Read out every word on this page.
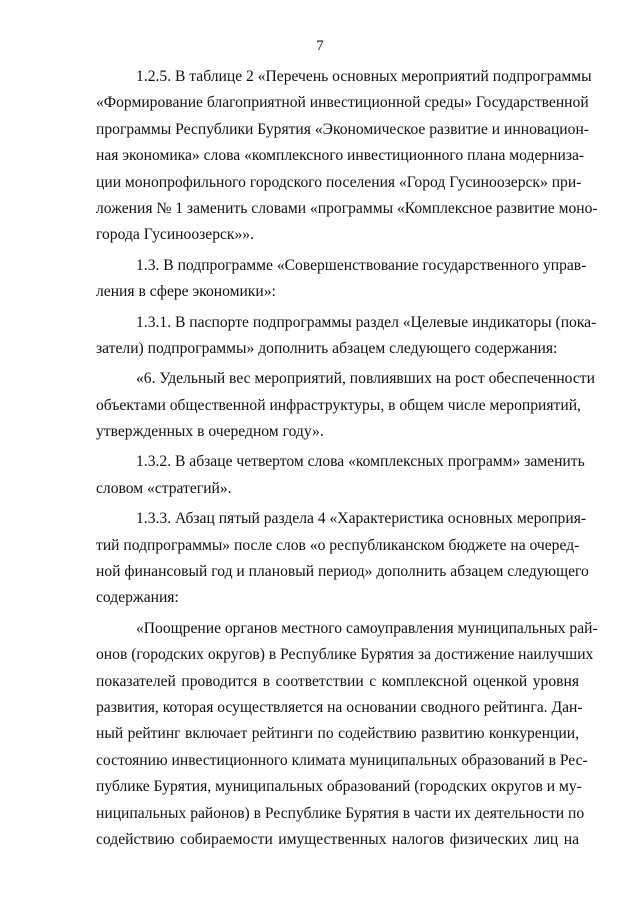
7
1.2.5. В таблице 2 «Перечень основных мероприятий подпрограммы
«Формирование благоприятной инвестиционной среды» Государственной
программы Республики Бурятия «Экономическое развитие и инновацион-
ная экономика» слова «комплексного инвестиционного плана модерниза-
ции монопрофильного городского поселения «Город Гусиноозерск» при-
ложения № 1 заменить словами «программы «Комплексное развитие моно-
города Гусиноозерск»».
1.3. В подпрограмме «Совершенствование государственного управ-
ления в сфере экономики»:
1.3.1. В паспорте подпрограммы раздел «Целевые индикаторы (пока-
затели) подпрограммы» дополнить абзацем следующего содержания:
«6. Удельный вес мероприятий, повлиявших на рост обеспеченности
объектами общественной инфраструктуры, в общем числе мероприятий,
утвержденных в очередном году».
1.3.2. В абзаце четвертом слова «комплексных программ» заменить
словом «стратегий».
1.3.3. Абзац пятый раздела 4 «Характеристика основных мероприя-
тий подпрограммы» после слов «о республиканском бюджете на очеред-
ной финансовый год и плановый период» дополнить абзацем следующего
содержания:
«Поощрение органов местного самоуправления муниципальных рай-
онов (городских округов) в Республике Бурятия за достижение наилучших
показателей проводится в соответствии с комплексной оценкой уровня
развития, которая осуществляется на основании сводного рейтинга. Дан-
ный рейтинг включает рейтинги по содействию развитию конкуренции,
состоянию инвестиционного климата муниципальных образований в Рес-
публике Бурятия, муниципальных образований (городских округов и му-
ниципальных районов) в Республике Бурятия в части их деятельности по
содействию собираемости имущественных налогов физических лиц на
